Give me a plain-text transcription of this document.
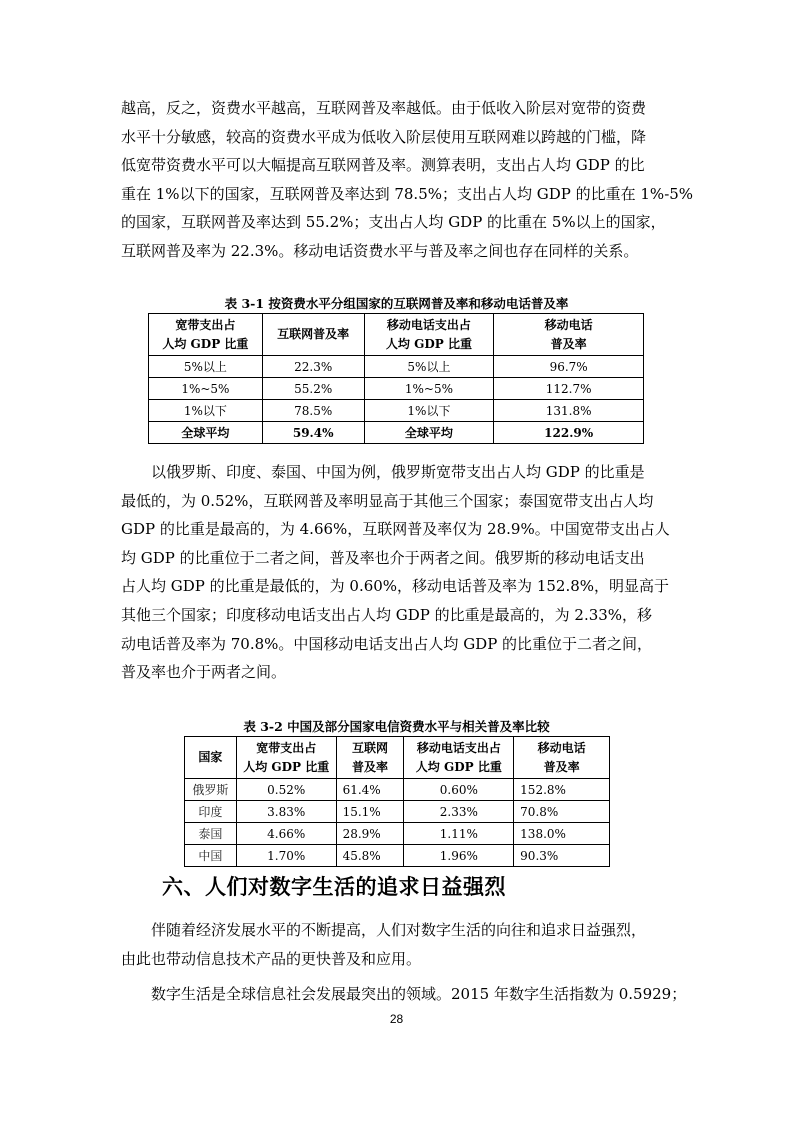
越高，反之，资费水平越高，互联网普及率越低。由于低收入阶层对宽带的资费
水平十分敏感，较高的资费水平成为低收入阶层使用互联网难以跨越的门槛，降
低宽带资费水平可以大幅提高互联网普及率。测算表明，支出占人均 GDP 的比
重在 1%以下的国家，互联网普及率达到 78.5%；支出占人均 GDP 的比重在 1%-5%
的国家，互联网普及率达到 55.2%；支出占人均 GDP 的比重在 5%以上的国家，
互联网普及率为 22.3%。移动电话资费水平与普及率之间也存在同样的关系。

表 3-1 按资费水平分组国家的互联网普及率和移动电话普及率

宽带支出占
人均 GDP 比重	互联网普及率	移动电话支出占
人均 GDP 比重	移动电话
普及率
5%以上	22.3%	5%以上	96.7%
1%~5%	55.2%	1%~5%	112.7%
1%以下	78.5%	1%以下	131.8%
全球平均	59.4%	全球平均	122.9%

以俄罗斯、印度、泰国、中国为例，俄罗斯宽带支出占人均 GDP 的比重是
最低的，为 0.52%，互联网普及率明显高于其他三个国家；泰国宽带支出占人均
GDP 的比重是最高的，为 4.66%，互联网普及率仅为 28.9%。中国宽带支出占人
均 GDP 的比重位于二者之间，普及率也介于两者之间。俄罗斯的移动电话支出
占人均 GDP 的比重是最低的，为 0.60%，移动电话普及率为 152.8%，明显高于
其他三个国家；印度移动电话支出占人均 GDP 的比重是最高的，为 2.33%，移
动电话普及率为 70.8%。中国移动电话支出占人均 GDP 的比重位于二者之间，
普及率也介于两者之间。

表 3-2 中国及部分国家电信资费水平与相关普及率比较

国家	宽带支出占
人均 GDP 比重	互联网
普及率	移动电话支出占
人均 GDP 比重	移动电话
普及率
俄罗斯	0.52%	61.4%	0.60%	152.8%
印度	3.83%	15.1%	2.33%	70.8%
泰国	4.66%	28.9%	1.11%	138.0%
中国	1.70%	45.8%	1.96%	90.3%
六、人们对数字生活的追求日益强烈

伴随着经济发展水平的不断提高，人们对数字生活的向往和追求日益强烈，
由此也带动信息技术产品的更快普及和应用。

数字生活是全球信息社会发展最突出的领域。2015 年数字生活指数为 0.5929；

28
